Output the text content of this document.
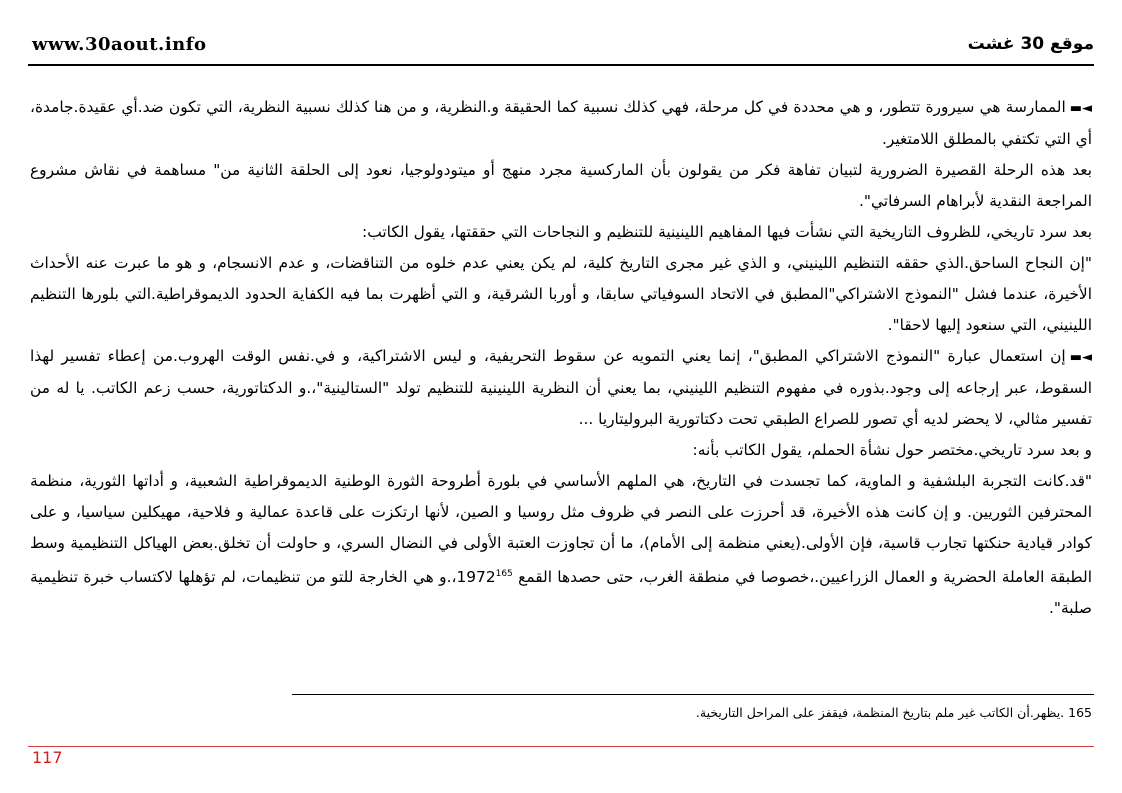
www.30aout.info	موقع 30 غشت

◄▬الممارسة هي سيرورة تتطور، و هي محددة في كل مرحلة، فهي كذلك نسبية كما الحقيقة و.النظرية، و من هنا كذلك نسبية النظرية، التي تكون ضد.أي عقيدة.جامدة، أي التي تكتفي بالمطلق اللامتغير.

بعد هذه الرحلة القصيرة الضرورية لتبيان تفاهة فكر من يقولون بأن الماركسية مجرد منهج أو ميتودولوجيا، نعود إلى الحلقة الثانية من" مساهمة في نقاش مشروع المراجعة النقدية لأبراهام السرفاتي".

بعد سرد تاريخي، للظروف التاريخية التي نشأت فيها المفاهيم اللينينية للتنظيم و النجاحات التي حققتها، يقول الكاتب:

"إن النجاح الساحق.الذي حققه التنظيم اللينيني، و الذي غير مجرى التاريخ كلية، لم يكن يعني عدم خلوه من التناقضات، و عدم الانسجام، و هو ما عبرت عنه الأحداث الأخيرة، عندما فشل "النموذج الاشتراكي"المطبق في الاتحاد السوفياتي سابقا، و أوربا الشرقية، و التي أظهرت بما فيه الكفاية الحدود الديموقراطية.التي بلورها التنظيم اللينيني، التي سنعود إليها لاحقا".

◄▬إن استعمال عبارة "النموذج الاشتراكي المطبق"، إنما يعني التمويه عن سقوط التحريفية، و ليس الاشتراكية، و في.نفس الوقت الهروب.من إعطاء تفسير لهذا السقوط، عبر إرجاعه إلى وجود.بذوره في مفهوم التنظيم اللينيني، بما يعني أن النظرية اللينينية للتنظيم تولد "الستالينية"،.و الدكتاتورية، حسب زعم الكاتب. يا له من تفسير مثالي، لا يحضر لديه أي تصور للصراع الطبقي تحت دكتاتورية البروليتاريا ...

و بعد سرد تاريخي.مختصر حول نشأة الحملم، يقول الكاتب بأنه:

"قد.كانت التجربة البلشفية و الماوية، كما تجسدت في التاريخ، هي الملهم الأساسي في بلورة أطروحة الثورة الوطنية الديموقراطية الشعبية، و أداتها الثورية، منظمة المحترفين الثوريين. و إن كانت هذه الأخيرة، قد أحرزت على النصر في ظروف مثل روسيا و الصين، لأنها ارتكزت على قاعدة عمالية و فلاحية، مهيكلين سياسيا، و على كوادر قيادية حنكتها تجارب قاسية، فإن الأولى.(يعني منظمة إلى الأمام)، ما أن تجاوزت العتبة الأولى في النضال السري، و حاولت أن تخلق.بعض الهياكل التنظيمية وسط الطبقة العاملة الحضرية و العمال الزراعيين.،خصوصا في منطقة الغرب، حتى حصدها القمع 1972$^{165}$،.و هي الخارجة للتو من تنظيمات، لم تؤهلها لاكتساب خبرة تنظيمية صلبة".

165 .يظهر.أن الكاتب غير ملم بتاريخ المنظمة، فيقفز على المراحل التاريخية.
117
